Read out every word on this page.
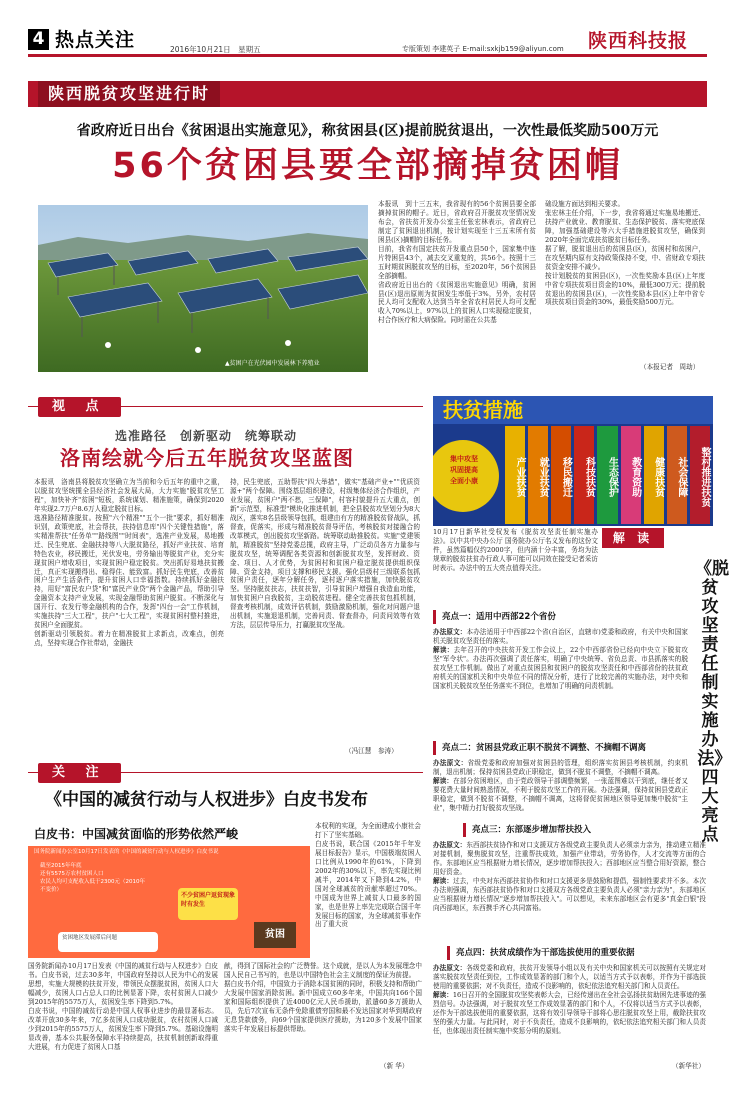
4 热点关注	2016年10月21日　星期五	专版策划 李建英子 E-mail:sxkjb159@aliyun.com 陕西科技报
陕西脱贫攻坚进行时
省政府近日出台《贫困退出实施意见》，称贫困县(区)提前脱贫退出，一次性最低奖励500万元
56个贫困县要全部摘掉贫困帽
▲贫困户在光伏园中发展林下养殖业
本报讯　到十三五末，我省现有的56个贫困县要全部摘掉贫困的帽子。近日，省政府召开脱贫攻坚情况发布会，省扶贫开发办公室主任张宏林表示，省政府已制定了贫困退出机制，按计划实现至十三五末所有贫困县(区)摘帽的目标任务。
目前，我省有国定扶贫开发重点县50个，国家集中连片特困县43个，减去交叉重复的，共56个。按照十三五时期贫困脱贫攻坚的目标，至2020年，56个贫困县全部摘帽。
省政府近日出台的《贫困退出实施意见》明确，贫困县(区)退出原则为贫困发生率低于3%，另外，农村居民人均可支配收入达到当年全省农村居民人均可支配收入70%以上，97%以上的贫困人口实现稳定脱贫，村合作医疗和大病保险。同时需在公共基
础设施方面达到相关要求。
张宏林主任介绍，下一步，我省将通过实施易地搬迁、扶持产业就业、教育脱贫、生态保护脱贫、落实兜底保障，加强基础建设等六大手措施进脱贫攻坚，确保到2020年全面完成扶贫脱贫目标任务。
据了解，脱贫退出后的贫困县(区)，贫困村和贫困户，在攻坚期内原有支持政策保持不变，中、省财政专项扶贫资金安排不减少。
按计划脱贫的贫困县(区)，一次性奖励本县(区)上年度中省专项扶贫项目资金的10%，最低300万元；提前脱贫退出的贫困县(区)，一次性奖励本县(区)上年中省专项扶贫项目资金的30%，最低奖励500万元。
（本报记者　周劫）
视 点
选准路径　创新驱动　统筹联动
洛南绘就今后五年脱贫攻坚蓝图
本报讯　洛南县将脱贫攻坚确立为当前和今后五年的重中之重，以脱贫攻坚统揽全县经济社会发展大局，大力实施"脱贫攻坚工程"，加快补齐"贫困"短板，系统谋划、精准施策，确保到2020年实现2.7万户8.6万人稳定脱贫目标。
选准路径精准脱贫。按照"六个精准""五个一批"要求，抓好精准识别，政策兜底，社会帮扶，扶持信息库"四个关键性措施"，落实精准帮扶"任务单""路线图""时间表"，选准产业发展，易地搬迁、民生兜底、金融扶持等八大脱贫路径，抓好产业扶贫、培育特色农业，移民搬迁，光伏发电，劳务输出等脱贫产业，充分实现贫困户增收项目，实现贫困户稳定脱贫。突出抓好易地扶贫搬迁，真正实现搬得出、稳得住、能致富。抓好民生兜底，改善贫困户生产生活条件，提升贫困人口幸福指数。持续抓好金融扶持，用好"富民农户贷"和"富民产业贷"两个金融产品，帮助引导金融资本支持产业发展，实现金融帮助贫困户脱贫。不断深化与国开行、农发行等金融机构的合作，发挥"四台一会"工作机制，实施扶持"三大工程"，扶户"七大工程"，实现贫困村整村推进，贫困户全面脱贫。
创新驱动引领脱贫。着力在精准脱贫上求新点，改难点，创亮点，坚持实现合作社带动，金融扶
持，民生兜底，五助帮扶"四大举措"，做实"基础产业+""优质资源+"两个保障。围绕基层组织建设，村级集体经济合作组织，产业发展，贫困户"两不愁，三保障"，村容村貌提升五大重点，创新"示范型，标准型"模块化推进机制，把全县脱贫攻坚划分为8大战区，落实8名县级领导包抓，组建由有方的精准脱贫督战队，抓督查，促落实，形成与精准脱贫督导评估，考核脱贫对接融合的改革模式，创出脱贫攻坚新路。统筹联动助推脱贫。实施"党建领航，精准脱贫"坚持党委总揽，政府主导，广泛动员各方力量参与脱贫攻坚，统筹调配各类资源和创新脱贫攻坚，发挥财政、资金、项目、人才优势，为贫困村和贫困户稳定脱贫提供组织保障、资金支持，项目支撑和移民支援。强化县级村三级联系包抓贫困户责任，逐年分解任务，逐村逐户落实措施，加快脱贫攻坚。坚持脱贫扶志，扶贫扶智，引导贫困户增强自我造血功能，加快贫困户自我脱贫，主动脱贫进程。健全完善扶贫包抓机制，督查考核机制，成效评估机制，鼓励激励机制，强化对问题户退出机制，实施退退机制，完善问责、督查督办，问责问效等有效方法，层层传导压力，打赢脱贫攻坚战。
（冯江慧　参涛）
扶贫措施
集中攻坚
巩固提高
全面小康	产业扶贫	就业扶贫	移民搬迁	科技扶贫	生态保护	教育资助	健康扶贫	社会保障	整村推进扶贫
10月17日新华社受权发布《脱贫攻坚责任制实施办法》。以中共中央办公厅 国务院办公厅名义发布的这份文件，虽然篇幅仅约2000字，但内涵十分丰富，务均为法规章的脱贫扶贫办行政人事可能可以同效在接受记者采访时表示。办法中的五大亮点值得关注。
解 读
《脱贫攻坚责任制实施办法》四大亮点
亮点一：适用中西部22个省份
办法原文：本办法适用于中西部22个省(自治区，直辖市)党委和政府，有关中央和国家机关脱贫攻坚责任的落实。
解读：去年召开的中央扶贫开发工作会议上，22个中西部省份已经向中央立下脱贫攻坚"军令状"。办法再次强调了责任落实，明确了中央统筹、省负总责、市县抓落实的脱贫攻坚工作机制。做出了对重点贫困县和贫困户的脱贫攻坚责任和中西部省份的扶贫政府机关的国家机关和中央单位不同的情况分析，进行了比较完善的实施办法，对中央和国家机关脱贫攻坚任务落实不到位，也增加了明确的问责机制。
亮点二：贫困县党政正职不脱贫不调整、不摘帽不调离
办法原文：省级党委和政府加强对贫困县的管理，组织落实贫困县考核机制，约束机制，退出机制；保持贫困县党政正职稳定，做到不脱贫不调整，不摘帽不调离。
解读：在部分贫困地区，由于党政领导干部调整频繁，一张蓝图难以干到底，继任者又要花费大量时间熟悉情况，不利于脱贫攻坚工作的开展。办法强调，保持贫困县党政正职稳定，做到不脱贫不调整，不摘帽不调离，这将督促贫困地区领导更加集中脱贫"主业"，集中精力打好脱贫攻坚战。
亮点三：东部逐步增加帮扶投入
办法原文：东西部扶贫协作和对口支援双方各级党政主要负责人必须亲力亲为，推动建立精准对接机制，聚焦脱贫攻坚，注重帮扶成效，加强产业带动，劳务协作，人才交流等方面的合作。东部地区应当根据财力增长情况，逐步增加帮扶投入；西部地区应当整合用好资源，整合用好资金。
解读：过去，中央对东西部扶贫协作和对口支援更多是鼓励和提倡，强制性要求并不多。本次办法则强调，东西部扶贫协作和对口支援双方各级党政主要负责人必须"亲力亲为"，东部地区应当根据财力增长情况"逐步增加帮扶投入"。可以想见，未来东部地区会有更多"真金白银"投向西部地区，东西携手齐心共同富裕。
亮点四：扶贫成绩作为干部选拔使用的重要依据
办法原文：各级党委和政府，扶贫开发领导小组以及有关中央和国家机关可以按照有关规定对落实脱贫攻坚责任到位，工作成效显著的部门和个人，以适当方式予以表彰，并作为干部选拔使用的重要依据；对不负责任，造成不良影响的，依纪依法追究相关部门和人员责任。
解读：16日召开的全国脱贫攻坚奖表彰大会，已经传递出在全社会弘扬扶贫助困先进事迹的强烈信号。办法强调，对于脱贫攻坚工作成效显著的部门和个人，不仅将以适当方式予以表彰，还作为干部选拔使用的重要依据，这将有效引导领导干部将心思往脱贫攻坚上用，截除扶贫攻坚的强大力量。与此同时，对于不负责任，造成不良影响的，依纪依法追究相关部门和人员责任，也体现出责任制实施中奖惩分明的原则。
（新华社）
关 注
《中国的减贫行动与人权进步》白皮书发布
白皮书：中国减贫面临的形势依然严峻
国务院新闻办公室10月17日发表的《中国的减贫行动与人权进步》白皮书说
截至2015年年底
还有5575万农村贫困人口
农民人均可支配收入低于2300元（2010年不变价）
不少贫困户返贫现象时有发生
贫困地区发展滞后问题	贫困
本权利的实现，为全面建成小康社会打下了坚实基础。
白皮书说，联合国《2015年千年发展目标报告》显示，中国极端贫困人口比例从1990年的61%，下降到2002年的30%以下，率先实现比例减半，2014年又下降到4.2%，中国对全球减贫的贡献率超过70%。中国成为世界上减贫人口最多的国家，也是世界上率先完成联合国千年发展目标的国家，为全球减贫事业作出了重大贡
国务院新闻办10月17日发表《中国的减贫行动与人权进步》白皮书。白皮书说，过去30多年，中国政府坚持以人民为中心的发展思想，实施大规模的扶贫开发，带领民众摆脱贫困，贫困人口大幅减少，贫困人口占总人口的比例显著下降，农村贫困人口减少到2015年的5575万人，贫困发生率下降到5.7%。
白皮书说，中国的减贫行动是中国人权事业进步的最显著标志。改革开放30多年来，7亿多贫困人口成功脱贫，农村贫困人口减少到2015年的5575万人，贫困发生率下降到5.7%。基础设施明显改善，基本公共服务保障水平持续提高，扶贫机制创新取得重大进展，有力促进了贫困人口基
献，得到了国际社会的广泛赞誉。这个成就，是以人为本发展理念中国人民自己书写的，也是以中国特色社会主义制度的保证为前提。
据白皮书介绍，中国致力于消除本国贫困的同时，积极支持和帮助广大发展中国家消除贫困。新中国成立60多年来，中国共向166个国家和国际组织提供了近4000亿元人民币援助，派遣60多万援助人员，先后7次宣布无条件免除重债穷国和最不发达国家对华到期政府无息贷款债务，向69个国家提供医疗援助，为120多个发展中国家落实千年发展目标提供帮助。
（新 华）
